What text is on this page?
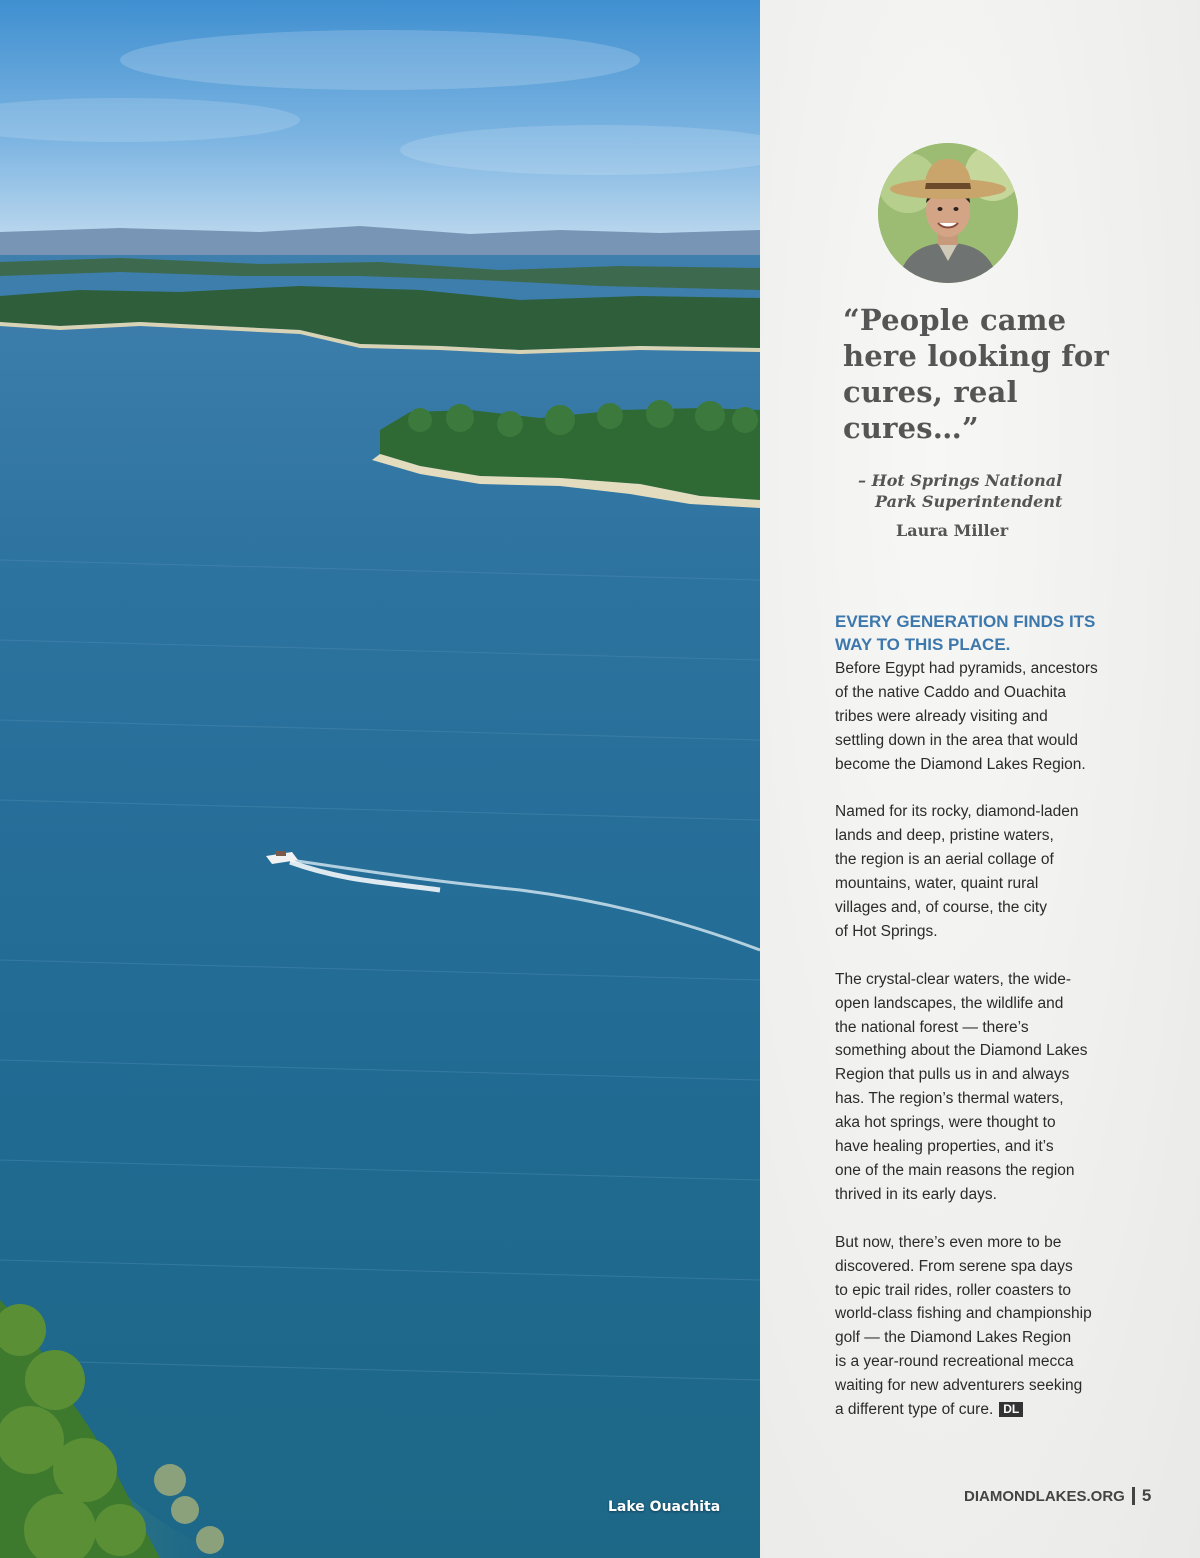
Lake Ouachita
“People came here looking for cures, real cures…”
– Hot Springs National
Park Superintendent
Laura Miller
EVERY GENERATION FINDS ITS WAY TO THIS PLACE.

Before Egypt had pyramids, ancestors
of the native Caddo and Ouachita
tribes were already visiting and
settling down in the area that would
become the Diamond Lakes Region.

Named for its rocky, diamond-laden
lands and deep, pristine waters,
the region is an aerial collage of
mountains, water, quaint rural
villages and, of course, the city
of Hot Springs.

The crystal-clear waters, the wide-
open landscapes, the wildlife and
the national forest — there’s
something about the Diamond Lakes
Region that pulls us in and always
has. The region’s thermal waters,
aka hot springs, were thought to
have healing properties, and it’s
one of the main reasons the region
thrived in its early days.

But now, there’s even more to be
discovered. From serene spa days
to epic trail rides, roller coasters to
world-class fishing and championship
golf — the Diamond Lakes Region
is a year-round recreational mecca
waiting for new adventurers seeking
a different type of cure. DL

DIAMONDLAKES.ORG 5
